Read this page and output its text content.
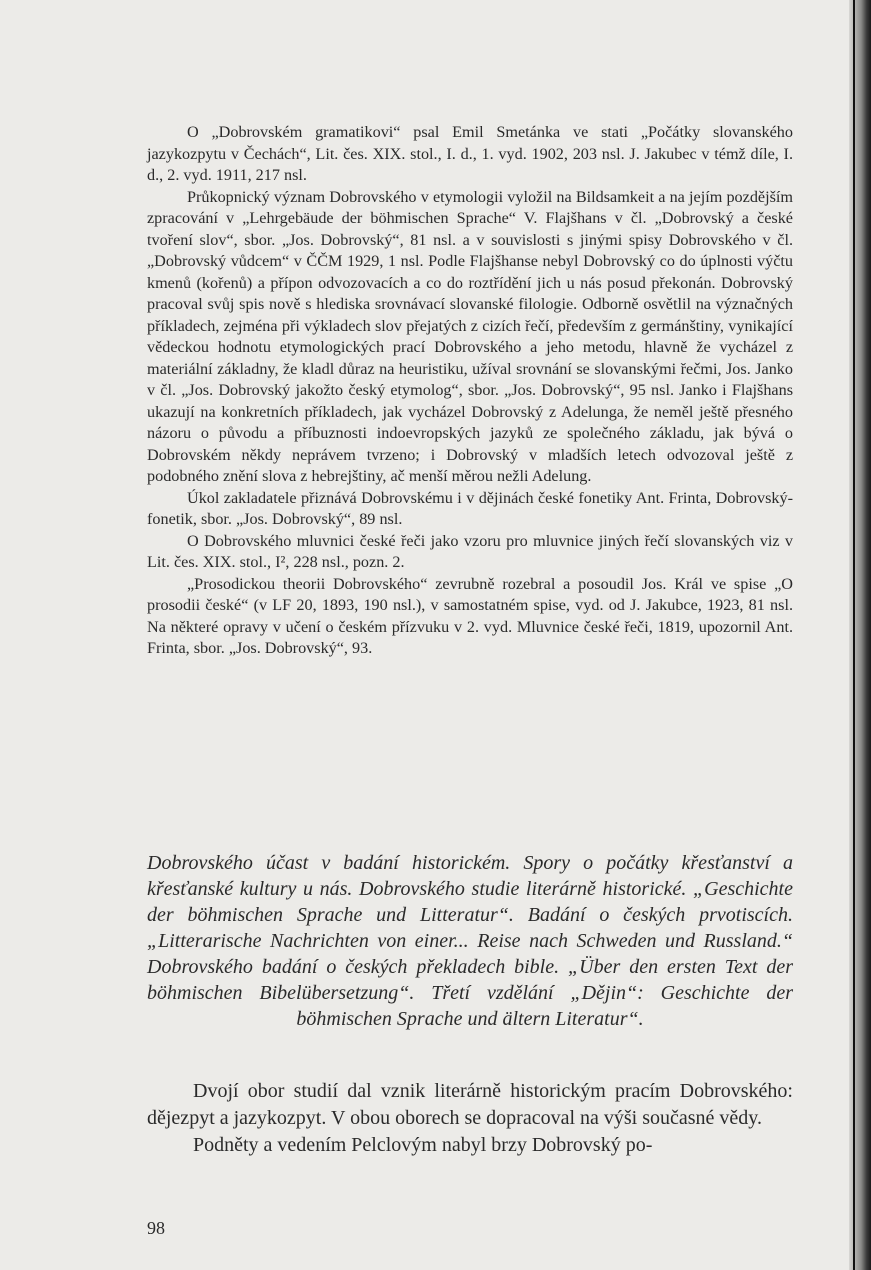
O „Dobrovském gramatikovi“ psal Emil Smetánka ve stati „Počátky slovanského jazykozpytu v Čechách“, Lit. čes. XIX. stol., I. d., 1. vyd. 1902, 203 nsl. J. Jakubec v témž díle, I. d., 2. vyd. 1911, 217 nsl.

Průkopnický význam Dobrovského v etymologii vyložil na Bildsamkeit a na jejím pozdějším zpracování v „Lehrgebäude der böhmischen Sprache“ V. Flajšhans v čl. „Dobrovský a české tvoření slov“, sbor. „Jos. Dobrovský“, 81 nsl. a v souvislosti s jinými spisy Dobrovského v čl. „Dobrovský vůdcem“ v ČČM 1929, 1 nsl. Podle Flajšhanse nebyl Dobrovský co do úplnosti výčtu kmenů (kořenů) a přípon odvozovacích a co do roztřídění jich u nás posud překonán. Dobrovský pracoval svůj spis nově s hlediska srovnávací slovanské filologie. Odborně osvětlil na význačných příkladech, zejména při výkladech slov přejatých z cizích řečí, především z germánštiny, vynikající vědeckou hodnotu etymologických prací Dobrovského a jeho metodu, hlavně že vycházel z materiální základny, že kladl důraz na heuristiku, užíval srovnání se slovanskými řečmi, Jos. Janko v čl. „Jos. Dobrovský jakožto český etymolog“, sbor. „Jos. Dobrovský“, 95 nsl. Janko i Flajšhans ukazují na konkretních příkladech, jak vycházel Dobrovský z Adelunga, že neměl ještě přesného názoru o původu a příbuznosti indoevropských jazyků ze společného základu, jak bývá o Dobrovském někdy neprávem tvrzeno; i Dobrovský v mladších letech odvozoval ještě z podobného znění slova z hebrejštiny, ač menší měrou nežli Adelung.

Úkol zakladatele přiznává Dobrovskému i v dějinách české fonetiky Ant. Frinta, Dobrovský-fonetik, sbor. „Jos. Dobrovský“, 89 nsl.

O Dobrovského mluvnici české řeči jako vzoru pro mluvnice jiných řečí slovanských viz v Lit. čes. XIX. stol., I², 228 nsl., pozn. 2.

„Prosodickou theorii Dobrovského“ zevrubně rozebral a posoudil Jos. Král ve spise „O prosodii české“ (v LF 20, 1893, 190 nsl.), v samostatném spise, vyd. od J. Jakubce, 1923, 81 nsl. Na některé opravy v učení o českém přízvuku v 2. vyd. Mluvnice české řeči, 1819, upozornil Ant. Frinta, sbor. „Jos. Dobrovský“, 93.

Dobrovského účast v badání historickém. Spory o počátky křesťanství a křesťanské kultury u nás. Dobrovského studie literárně historické. „Geschichte der böhmischen Sprache und Litteratur“. Badání o českých prvotiscích. „Litterarische Nachrichten von einer... Reise nach Schweden und Russland.“ Dobrovského badání o českých překladech bible. „Über den ersten Text der böhmischen Bibelübersetzung“. Třetí vzdělání „Dějin“: Geschichte der böhmischen Sprache und ältern Literatur“.

Dvojí obor studií dal vznik literárně historickým pracím Dobrovského: dějezpyt a jazykozpyt. V obou oborech se dopracoval na výši současné vědy.

Podněty a vedením Pelclovým nabyl brzy Dobrovský po-

98
